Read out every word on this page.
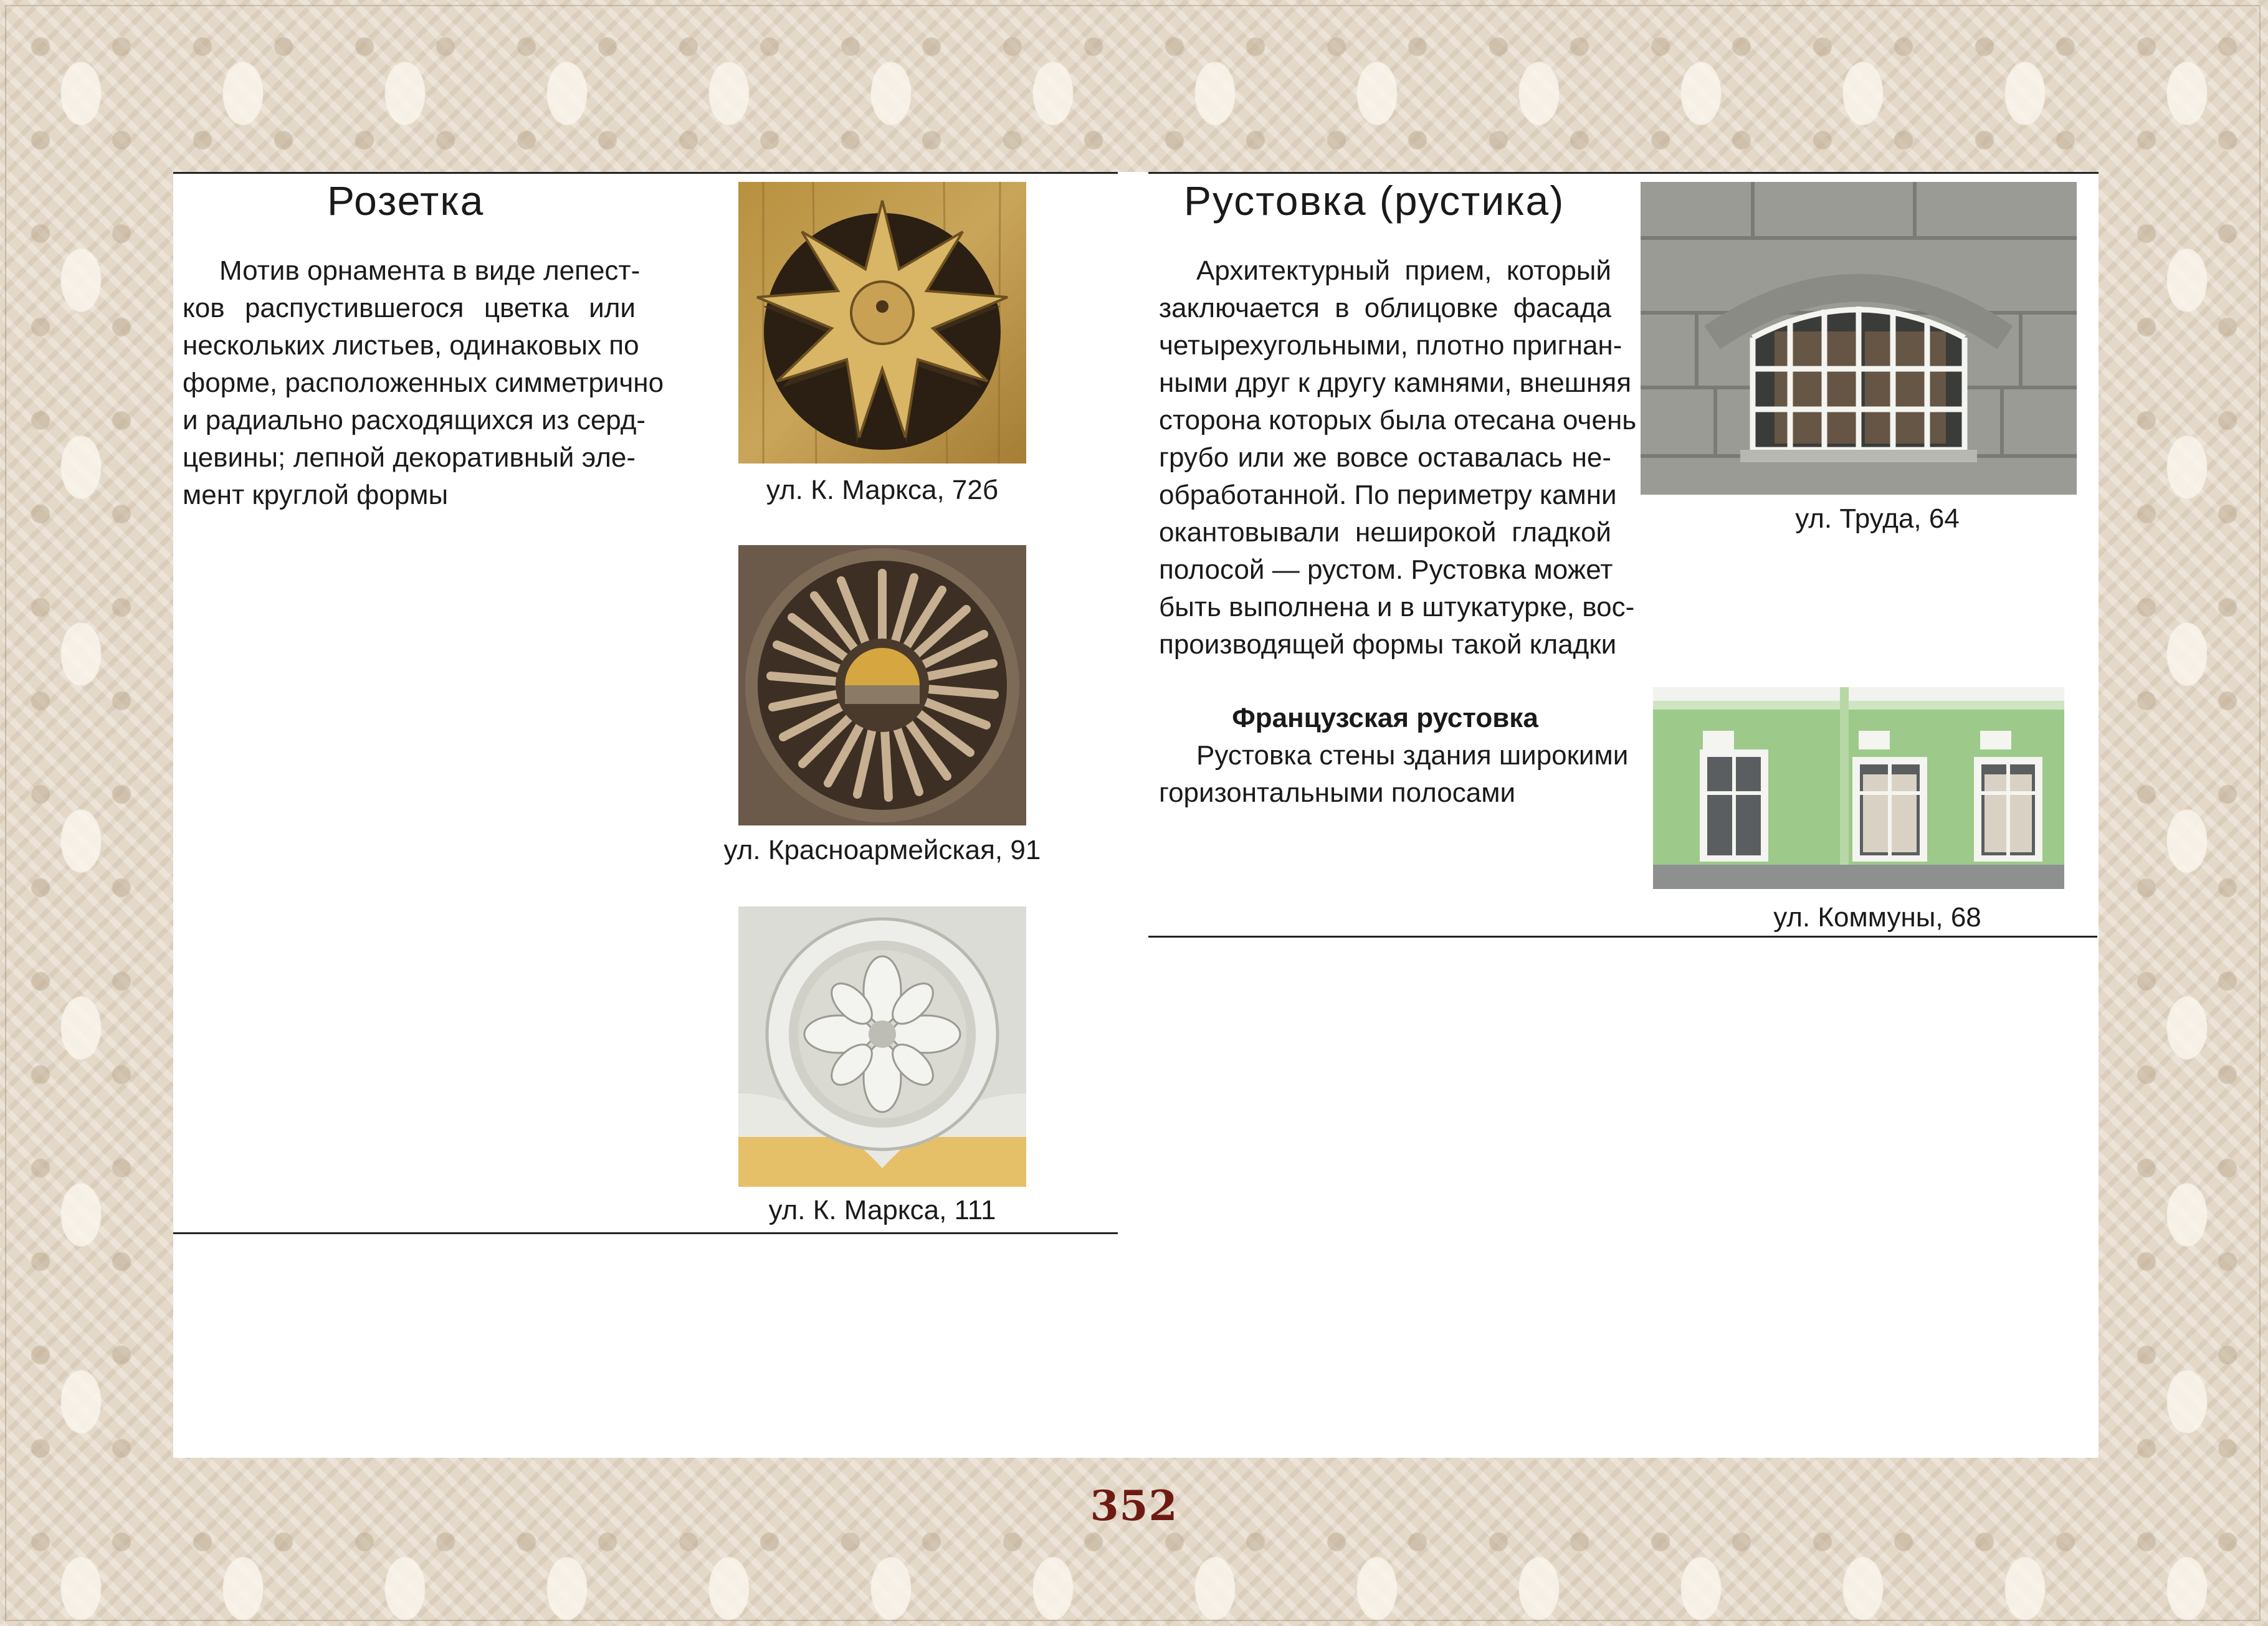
Розетка
Мотив орнамента в виде лепест-
ков распустившегося цветка или
нескольких листьев, одинаковых по
форме, расположенных симметрично
и радиально расходящихся из серд-
цевины; лепной декоративный эле-
мент круглой формы	ул. К. Маркса, 72б
ул. Красноармейская, 91
ул. К. Маркса, 111
Рустовка (рустика)
Архитектурный прием, который
заключается в облицовке фасада
четырехугольными, плотно пригнан-
ными друг к другу камнями, внешняя
сторона которых была отесана очень
грубо или же вовсе оставалась не-
обработанной. По периметру камни
окантовывали неширокой гладкой
полосой — рустом. Рустовка может
быть выполнена и в штукатурке, вос-
производящей формы такой кладки
Французская рустовка
Рустовка стены здания широкими
горизонтальными полосами
ул. Труда, 64
ул. Коммуны, 68
352
